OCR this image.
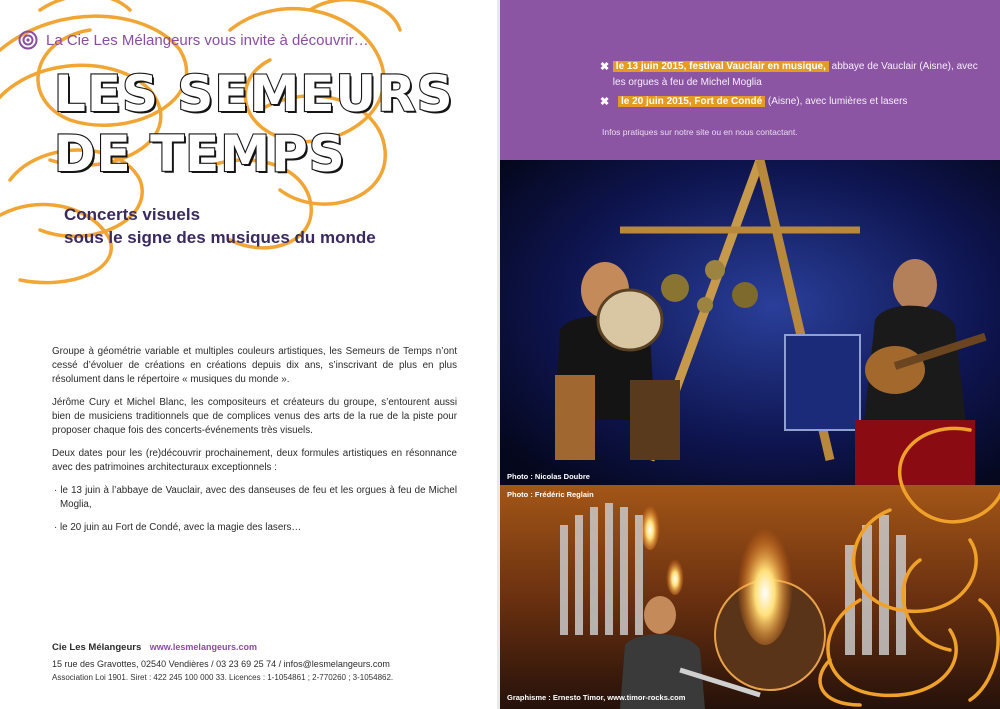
La Cie Les Mélangeurs vous invite à découvrir…
LES SEMEURS
DE TEMPS
Concerts visuels
sous le signe des musiques du monde

Groupe à géométrie variable et multiples couleurs artistiques, les Semeurs de Temps n’ont cessé d’évoluer de créations en créations depuis dix ans, s’inscrivant de plus en plus résolument dans le répertoire « musiques du monde ».

Jérôme Cury et Michel Blanc, les compositeurs et créateurs du groupe, s’entourent aussi bien de musiciens traditionnels que de complices venus des arts de la rue de la piste pour proposer chaque fois des concerts-événements très visuels.

Deux dates pour les (re)découvrir prochainement, deux formules artistiques en résonnance avec des patrimoines architecturaux exceptionnels :

· le 13 juin à l’abbaye de Vauclair, avec des danseuses de feu et les orgues à feu de Michel Moglia,
· le 20 juin au Fort de Condé, avec la magie des lasers…
Cie Les Mélangeurs www.lesmelangeurs.com
15 rue des Gravottes, 02540 Vendières / 03 23 69 25 74 / infos@lesmelangeurs.com
Association Loi 1901. Siret : 422 245 100 000 33. Licences : 1-1054861 ; 2-770260 ; 3-1054862.
✖ le 13 juin 2015, festival Vauclair en musique, abbaye de Vauclair (Aisne), avec les orgues à feu de Michel Moglia
✖	le 20 juin 2015, Fort de Condé (Aisne), avec lumières et lasers
Infos pratiques sur notre site ou en nous contactant.
Photo : Nicolas Doubre
Photo : Frédéric Reglain
Graphisme : Ernesto Timor, www.timor-rocks.com
